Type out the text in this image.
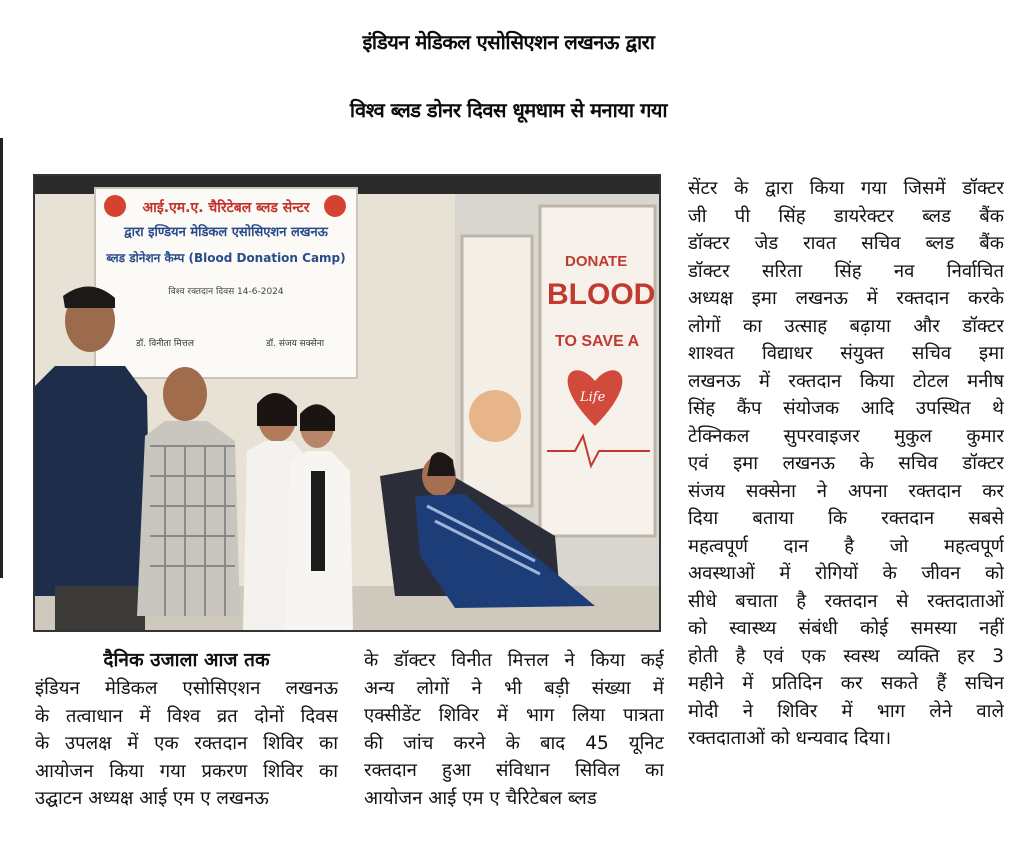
इंडियन मेडिकल एसोसिएशन लखनऊ द्वारा
विश्व ब्लड डोनर दिवस धूमधाम से मनाया गया
DONATE
BLOOD
TO SAVE A
Life
आई.एम.ए. चैरिटेबल ब्लड सेन्टर
द्वारा इण्डियन मेडिकल एसोसिएशन लखनऊ
ब्लड डोनेशन कैम्प (Blood Donation Camp)
विश्व रक्तदान दिवस 14-6-2024
डॉ. विनीता मित्तल	डॉ. संजय सक्सेना
दैनिक उजाला आज तक
इंडियन मेडिकल एसोसिएशन लखनऊ
के तत्वाधान में विश्व व्रत दोनों दिवस
के उपलक्ष में एक रक्तदान शिविर का
आयोजन किया गया प्रकरण शिविर का
उद्घाटन अध्यक्ष आई एम ए लखनऊ
के डॉक्टर विनीत मित्तल ने किया कई
अन्य लोगों ने भी बड़ी संख्या में
एक्सीडेंट शिविर में भाग लिया पात्रता
की जांच करने के बाद 45 यूनिट
रक्तदान हुआ संविधान सिविल का
आयोजन आई एम ए चैरिटेबल ब्लड
सेंटर के द्वारा किया गया जिसमें डॉक्टर
जी पी सिंह डायरेक्टर ब्लड बैंक
डॉक्टर जेड रावत सचिव ब्लड बैंक
डॉक्टर सरिता सिंह नव निर्वाचित
अध्यक्ष इमा लखनऊ में रक्तदान करके
लोगों का उत्साह बढ़ाया और डॉक्टर
शाश्वत विद्याधर संयुक्त सचिव इमा
लखनऊ में रक्तदान किया टोटल मनीष
सिंह कैंप संयोजक आदि उपस्थित थे
टेक्निकल सुपरवाइजर मुकुल कुमार
एवं इमा लखनऊ के सचिव डॉक्टर
संजय सक्सेना ने अपना रक्तदान कर
दिया बताया कि रक्तदान सबसे
महत्वपूर्ण दान है जो महत्वपूर्ण
अवस्थाओं में रोगियों के जीवन को
सीधे बचाता है रक्तदान से रक्तदाताओं
को स्वास्थ्य संबंधी कोई समस्या नहीं
होती है एवं एक स्वस्थ व्यक्ति हर 3
महीने में प्रतिदिन कर सकते हैं सचिन
मोदी ने शिविर में भाग लेने वाले
रक्तदाताओं को धन्यवाद दिया।
